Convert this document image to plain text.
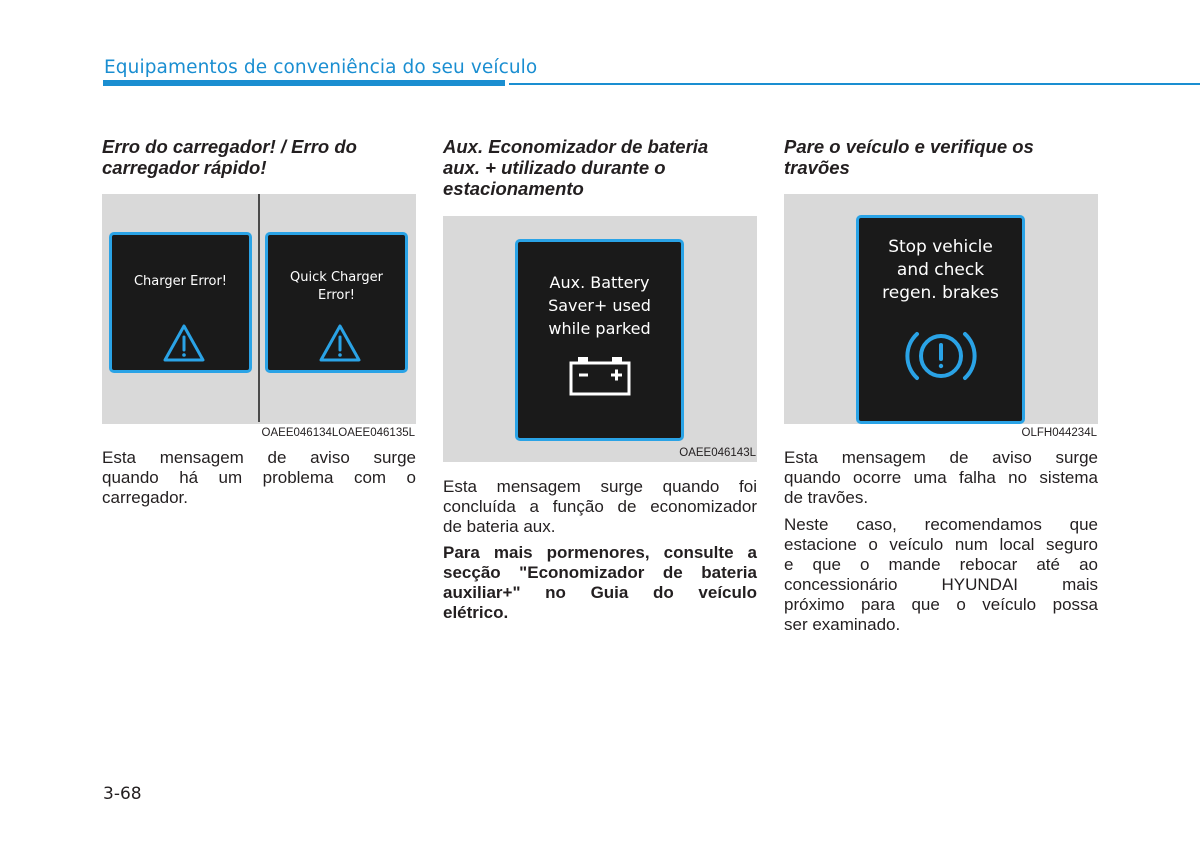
Equipamentos de conveniência do seu veículo
Erro do carregador! / Erro do
carregador rápido!
Charger Error!	Quick Charger
Error!
OAEE046134LOAEE046135L

Esta mensagem de aviso surge
quando há um problema com o
carregador.

Aux. Economizador de bateria
aux. + utilizado durante o
estacionamento
Aux. Battery
Saver+ used
while parked
OAEE046143L

Esta mensagem surge quando foi
concluída a função de economizador
de bateria aux.

Para mais pormenores, consulte a
secção "Economizador de bateria
auxiliar+" no Guia do veículo
elétrico.

Pare o veículo e verifique os
travões
Stop vehicle
and check
regen. brakes
OLFH044234L

Esta mensagem de aviso surge
quando ocorre uma falha no sistema
de travões.

Neste caso, recomendamos que
estacione o veículo num local seguro
e que o mande rebocar até ao
concessionário HYUNDAI mais
próximo para que o veículo possa
ser examinado.

3-68
